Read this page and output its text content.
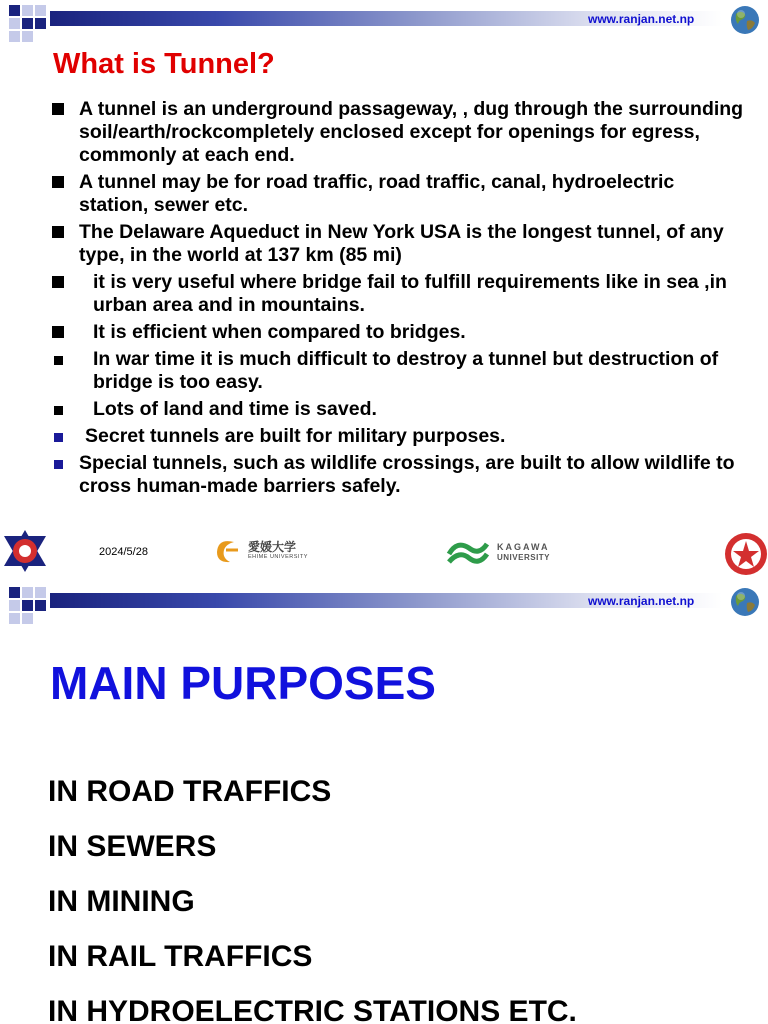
www.ranjan.net.np
What is Tunnel?
A tunnel is an underground passageway, , dug through the surrounding soil/earth/rockcompletely enclosed except for openings for egress, commonly at each end.
A tunnel may be for road traffic, road traffic, canal, hydroelectric station, sewer etc.
The Delaware Aqueduct in New York USA is the longest tunnel, of any type, in the world at 137 km (85 mi)
it is very useful where bridge fail to fulfill requirements like in sea ,in urban area and in mountains.
It is efficient when compared to bridges.
In war time it is much difficult to destroy a tunnel but destruction of bridge is too easy.
Lots of land and time is saved.
Secret tunnels are built for military purposes.
Special tunnels, such as wildlife crossings, are built to allow wildlife to cross human-made barriers safely.
2024/5/28	愛媛大学
EHIME UNIVERSITY
KAGAWA
UNIVERSITY
www.ranjan.net.np
MAIN PURPOSES
IN ROAD TRAFFICS
IN SEWERS
IN MINING
IN RAIL TRAFFICS
IN HYDROELECTRIC STATIONS ETC.
